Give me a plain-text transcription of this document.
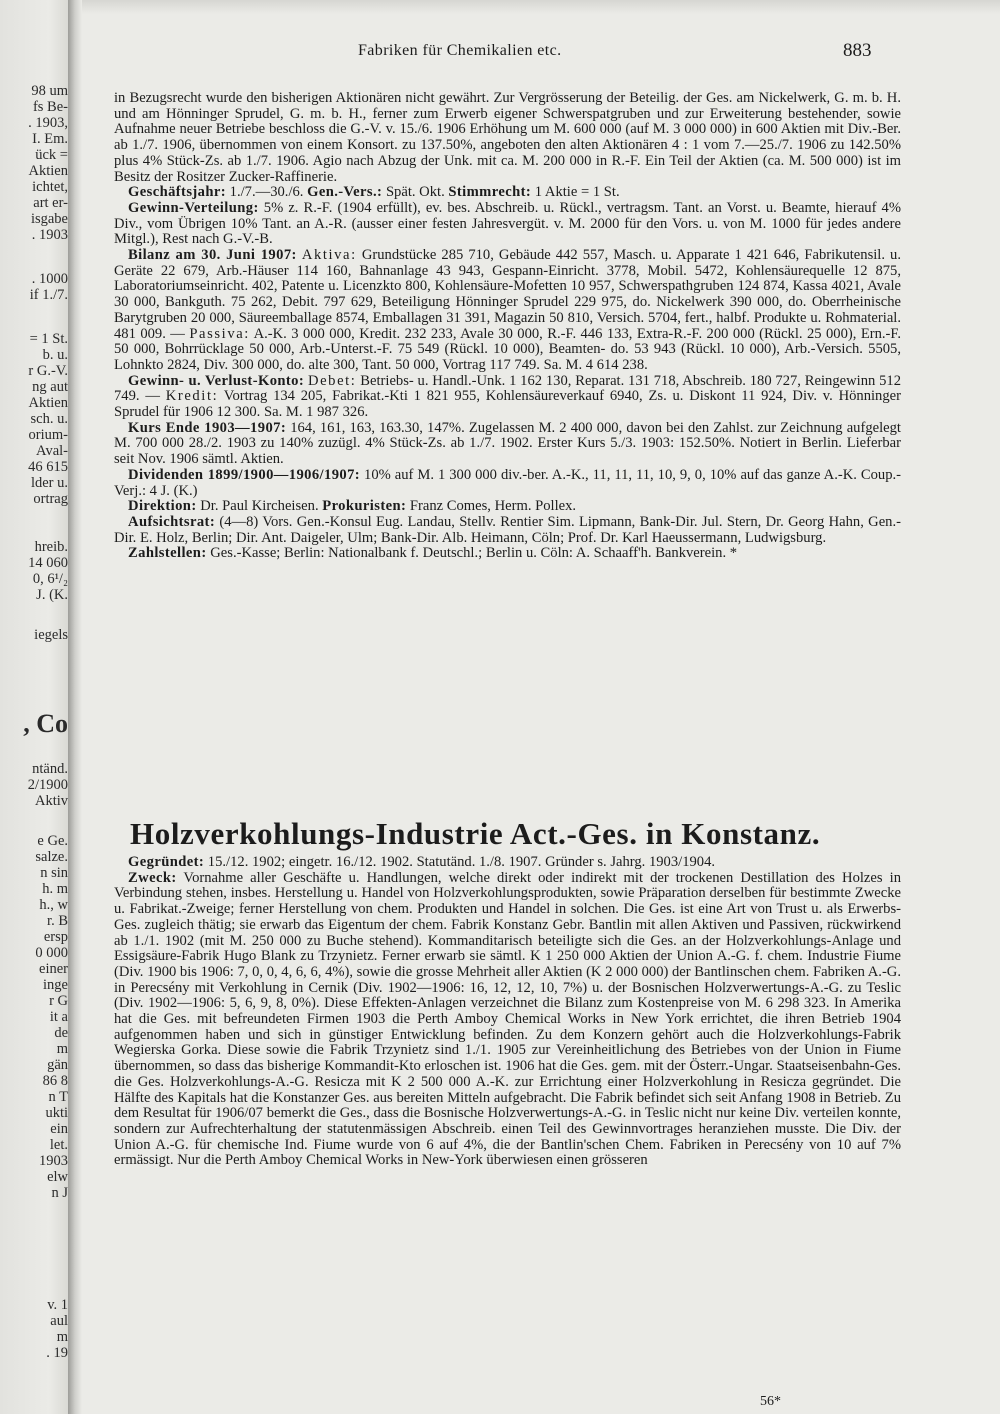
98 um
fs Be-
. 1903,
I. Em.
ück =
Aktien
ichtet,
art er-
isgabe
. 1903
. 1000
if 1./7.
= 1 St.
b. u.
r G.-V.
ng aut
Aktien
sch. u.
orium-
Aval-
46 615
lder u.
ortrag
hreib.
14 060
0, 6¹/₂
J. (K.
iegels
, Co
ntänd.
2/1900
Aktiv
e Ge.
salze.
n sin
h. m
h., w
r. B
ersp
0 000
einer
inge
r G
it a
de
m
gän
86 8
n T
ukti
ein
let.
1903
elw
n J
v. 1
aul
m
. 19
Fabriken für Chemikalien etc.	883

in Bezugsrecht wurde den bisherigen Aktionären nicht gewährt. Zur Vergrösserung der Beteilig. der Ges. am Nickelwerk, G. m. b. H. und am Hönninger Sprudel, G. m. b. H., ferner zum Erwerb eigener Schwerspatgruben und zur Erweiterung bestehender, sowie Aufnahme neuer Betriebe beschloss die G.-V. v. 15./6. 1906 Erhöhung um M. 600 000 (auf M. 3 000 000) in 600 Aktien mit Div.-Ber. ab 1./7. 1906, übernommen von einem Konsort. zu 137.50%, angeboten den alten Aktionären 4 : 1 vom 7.—25./7. 1906 zu 142.50% plus 4% Stück-Zs. ab 1./7. 1906. Agio nach Abzug der Unk. mit ca. M. 200 000 in R.-F. Ein Teil der Aktien (ca. M. 500 000) ist im Besitz der Rositzer Zucker-Raffinerie.

Geschäftsjahr: 1./7.—30./6. Gen.-Vers.: Spät. Okt. Stimmrecht: 1 Aktie = 1 St.

Gewinn-Verteilung: 5% z. R.-F. (1904 erfüllt), ev. bes. Abschreib. u. Rückl., vertragsm. Tant. an Vorst. u. Beamte, hierauf 4% Div., vom Übrigen 10% Tant. an A.-R. (ausser einer festen Jahresvergüt. v. M. 2000 für den Vors. u. von M. 1000 für jedes andere Mitgl.), Rest nach G.-V.-B.

Bilanz am 30. Juni 1907: Aktiva: Grundstücke 285 710, Gebäude 442 557, Masch. u. Apparate 1 421 646, Fabrikutensil. u. Geräte 22 679, Arb.-Häuser 114 160, Bahnanlage 43 943, Gespann-Einricht. 3778, Mobil. 5472, Kohlensäurequelle 12 875, Laboratoriumseinricht. 402, Patente u. Licenzkto 800, Kohlensäure-Mofetten 10 957, Schwerspathgruben 124 874, Kassa 4021, Avale 30 000, Bankguth. 75 262, Debit. 797 629, Beteiligung Hönninger Sprudel 229 975, do. Nickelwerk 390 000, do. Oberrheinische Barytgruben 20 000, Säureemballage 8574, Emballagen 31 391, Magazin 50 810, Versich. 5704, fert., halbf. Produkte u. Rohmaterial. 481 009. — Passiva: A.-K. 3 000 000, Kredit. 232 233, Avale 30 000, R.-F. 446 133, Extra-R.-F. 200 000 (Rückl. 25 000), Ern.-F. 50 000, Bohrrücklage 50 000, Arb.-Unterst.-F. 75 549 (Rückl. 10 000), Beamten- do. 53 943 (Rückl. 10 000), Arb.-Versich. 5505, Lohnkto 2824, Div. 300 000, do. alte 300, Tant. 50 000, Vortrag 117 749. Sa. M. 4 614 238.

Gewinn- u. Verlust-Konto: Debet: Betriebs- u. Handl.-Unk. 1 162 130, Reparat. 131 718, Abschreib. 180 727, Reingewinn 512 749. — Kredit: Vortrag 134 205, Fabrikat.-Kti 1 821 955, Kohlensäureverkauf 6940, Zs. u. Diskont 11 924, Div. v. Hönninger Sprudel für 1906 12 300. Sa. M. 1 987 326.

Kurs Ende 1903—1907: 164, 161, 163, 163.30, 147%. Zugelassen M. 2 400 000, davon bei den Zahlst. zur Zeichnung aufgelegt M. 700 000 28./2. 1903 zu 140% zuzügl. 4% Stück-Zs. ab 1./7. 1902. Erster Kurs 5./3. 1903: 152.50%. Notiert in Berlin. Lieferbar seit Nov. 1906 sämtl. Aktien.

Dividenden 1899/1900—1906/1907: 10% auf M. 1 300 000 div.-ber. A.-K., 11, 11, 11, 10, 9, 0, 10% auf das ganze A.-K. Coup.-Verj.: 4 J. (K.)

Direktion: Dr. Paul Kircheisen. Prokuristen: Franz Comes, Herm. Pollex.

Aufsichtsrat: (4—8) Vors. Gen.-Konsul Eug. Landau, Stellv. Rentier Sim. Lipmann, Bank-Dir. Jul. Stern, Dr. Georg Hahn, Gen.-Dir. E. Holz, Berlin; Dir. Ant. Daigeler, Ulm; Bank-Dir. Alb. Heimann, Cöln; Prof. Dr. Karl Haeussermann, Ludwigsburg.

Zahlstellen: Ges.-Kasse; Berlin: Nationalbank f. Deutschl.; Berlin u. Cöln: A. Schaaff'h. Bankverein. *

Holzverkohlungs-Industrie Act.-Ges. in Konstanz.

Gegründet: 15./12. 1902; eingetr. 16./12. 1902. Statutänd. 1./8. 1907. Gründer s. Jahrg. 1903/1904.

Zweck: Vornahme aller Geschäfte u. Handlungen, welche direkt oder indirekt mit der trockenen Destillation des Holzes in Verbindung stehen, insbes. Herstellung u. Handel von Holzverkohlungsprodukten, sowie Präparation derselben für bestimmte Zwecke u. Fabrikat.-Zweige; ferner Herstellung von chem. Produkten und Handel in solchen. Die Ges. ist eine Art von Trust u. als Erwerbs-Ges. zugleich thätig; sie erwarb das Eigentum der chem. Fabrik Konstanz Gebr. Bantlin mit allen Aktiven und Passiven, rückwirkend ab 1./1. 1902 (mit M. 250 000 zu Buche stehend). Kommanditarisch beteiligte sich die Ges. an der Holzverkohlungs-Anlage und Essigsäure-Fabrik Hugo Blank zu Trzynietz. Ferner erwarb sie sämtl. K 1 250 000 Aktien der Union A.-G. f. chem. Industrie Fiume (Div. 1900 bis 1906: 7, 0, 0, 4, 6, 6, 4%), sowie die grosse Mehrheit aller Aktien (K 2 000 000) der Bantlinschen chem. Fabriken A.-G. in Perecsény mit Verkohlung in Cernik (Div. 1902—1906: 16, 12, 12, 10, 7%) u. der Bosnischen Holzverwertungs-A.-G. zu Teslic (Div. 1902—1906: 5, 6, 9, 8, 0%). Diese Effekten-Anlagen verzeichnet die Bilanz zum Kostenpreise von M. 6 298 323. In Amerika hat die Ges. mit befreundeten Firmen 1903 die Perth Amboy Chemical Works in New York errichtet, die ihren Betrieb 1904 aufgenommen haben und sich in günstiger Entwicklung befinden. Zu dem Konzern gehört auch die Holzverkohlungs-Fabrik Wegierska Gorka. Diese sowie die Fabrik Trzynietz sind 1./1. 1905 zur Vereinheitlichung des Betriebes von der Union in Fiume übernommen, so dass das bisherige Kommandit-Kto erloschen ist. 1906 hat die Ges. gem. mit der Österr.-Ungar. Staatseisenbahn-Ges. die Ges. Holzverkohlungs-A.-G. Resicza mit K 2 500 000 A.-K. zur Errichtung einer Holzverkohlung in Resicza gegründet. Die Hälfte des Kapitals hat die Konstanzer Ges. aus bereiten Mitteln aufgebracht. Die Fabrik befindet sich seit Anfang 1908 in Betrieb. Zu dem Resultat für 1906/07 bemerkt die Ges., dass die Bosnische Holzverwertungs-A.-G. in Teslic nicht nur keine Div. verteilen konnte, sondern zur Aufrechterhaltung der statutenmässigen Abschreib. einen Teil des Gewinnvortrages heranziehen musste. Die Div. der Union A.-G. für chemische Ind. Fiume wurde von 6 auf 4%, die der Bantlin'schen Chem. Fabriken in Perecsény von 10 auf 7% ermässigt. Nur die Perth Amboy Chemical Works in New-York überwiesen einen grösseren

56*
